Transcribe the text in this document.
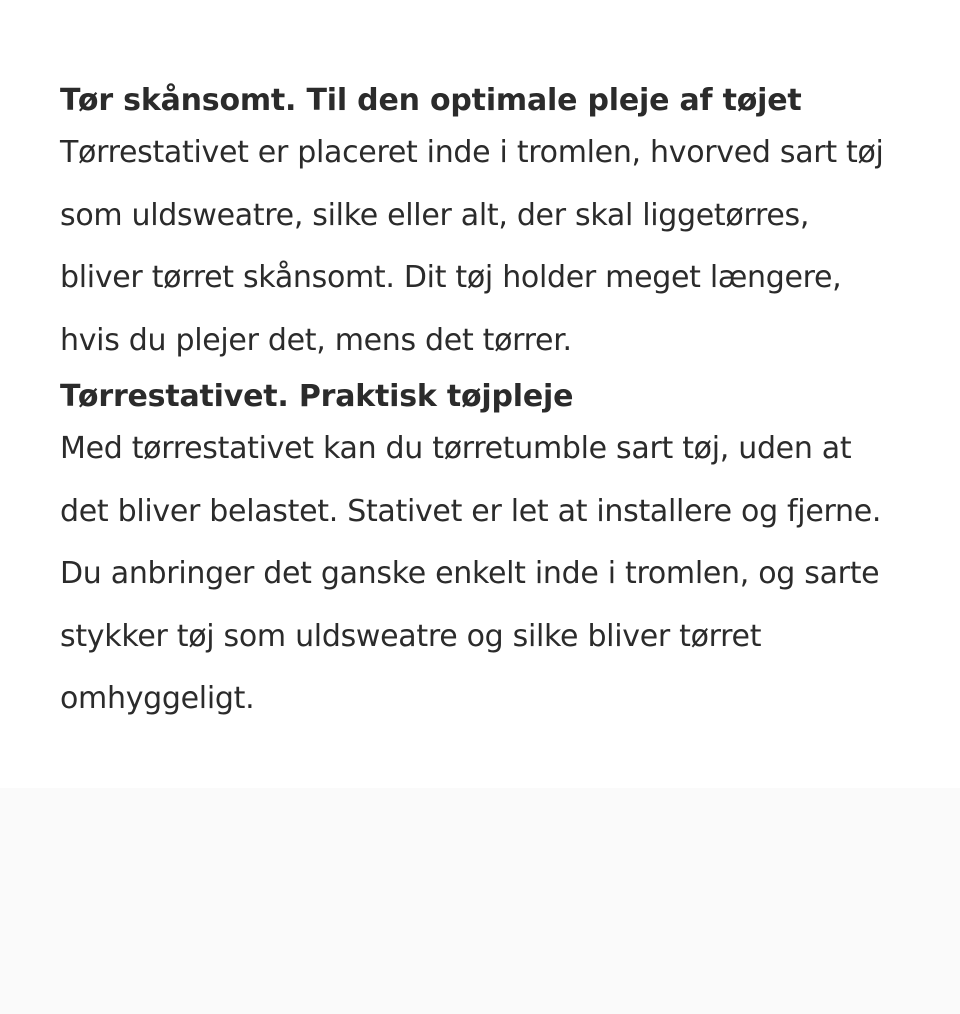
Tør skånsomt. Til den optimale pleje af tøjet

Tørrestativet er placeret inde i tromlen, hvorved sart tøj som uldsweatre, silke eller alt, der skal liggetørres, bliver tørret skånsomt. Dit tøj holder meget længere, hvis du plejer det, mens det tørrer.

Tørrestativet. Praktisk tøjpleje

Med tørrestativet kan du tørretumble sart tøj, uden at det bliver belastet. Stativet er let at installere og fjerne. Du anbringer det ganske enkelt inde i tromlen, og sarte stykker tøj som uldsweatre og silke bliver tørret omhyggeligt.
